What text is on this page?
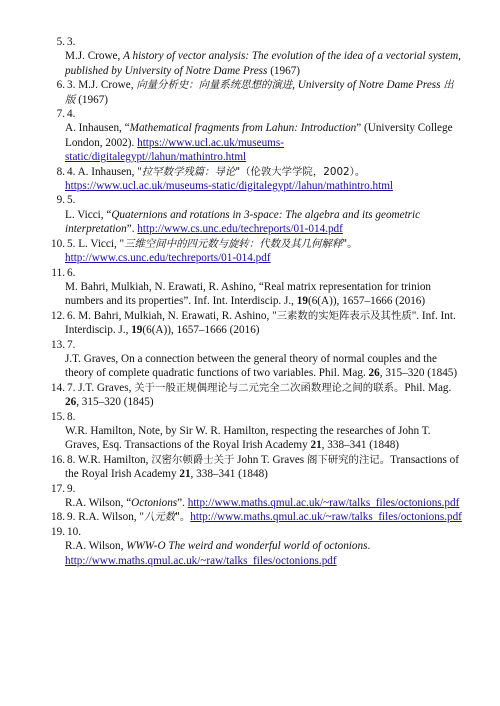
5. 3.
M.J. Crowe, A history of vector analysis: The evolution of the idea of a vectorial system, published by University of Notre Dame Press (1967)
6. 3. M.J. Crowe, 向量分析史：向量系统思想的演进, University of Notre Dame Press 出版 (1967)
7. 4.
A. Inhausen, “Mathematical fragments from Lahun: Introduction” (University College London, 2002). https://www.ucl.ac.uk/museums-static/digitalegypt//lahun/mathintro.html
8. 4. A. Inhausen, "拉罕数学残篇：导论"（伦敦大学学院，2002）。https://www.ucl.ac.uk/museums-static/digitalegypt//lahun/mathintro.html
9. 5.
L. Vicci, “Quaternions and rotations in 3-space: The algebra and its geometric interpretation”. http://www.cs.unc.edu/techreports/01-014.pdf
10. 5. L. Vicci, "三维空间中的四元数与旋转：代数及其几何解释"。http://www.cs.unc.edu/techreports/01-014.pdf
11. 6.
M. Bahri, Mulkiah, N. Erawati, R. Ashino, “Real matrix representation for trinion numbers and its properties”. Inf. Int. Interdiscip. J., 19(6(A)), 1657–1666 (2016)
12. 6. M. Bahri, Mulkiah, N. Erawati, R. Ashino, "三素数的实矩阵表示及其性质". Inf. Int. Interdiscip. J., 19(6(A)), 1657–1666 (2016)
13. 7.
J.T. Graves, On a connection between the general theory of normal couples and the theory of complete quadratic functions of two variables. Phil. Mag. 26, 315–320 (1845)
14. 7. J.T. Graves, 关于一般正规偶理论与二元完全二次函数理论之间的联系。Phil. Mag. 26, 315–320 (1845)
15. 8.
W.R. Hamilton, Note, by Sir W. R. Hamilton, respecting the researches of John T. Graves, Esq. Transactions of the Royal Irish Academy 21, 338–341 (1848)
16. 8. W.R. Hamilton, 汉密尔顿爵士关于 John T. Graves 阁下研究的注记。Transactions of the Royal Irish Academy 21, 338–341 (1848)
17. 9.
R.A. Wilson, “Octonions”. http://www.maths.qmul.ac.uk/~raw/talks_files/octonions.pdf
18. 9. R.A. Wilson, "八元数"。http://www.maths.qmul.ac.uk/~raw/talks_files/octonions.pdf
19. 10.
R.A. Wilson, WWW-O The weird and wonderful world of octonions. http://www.maths.qmul.ac.uk/~raw/talks_files/octonions.pdf
